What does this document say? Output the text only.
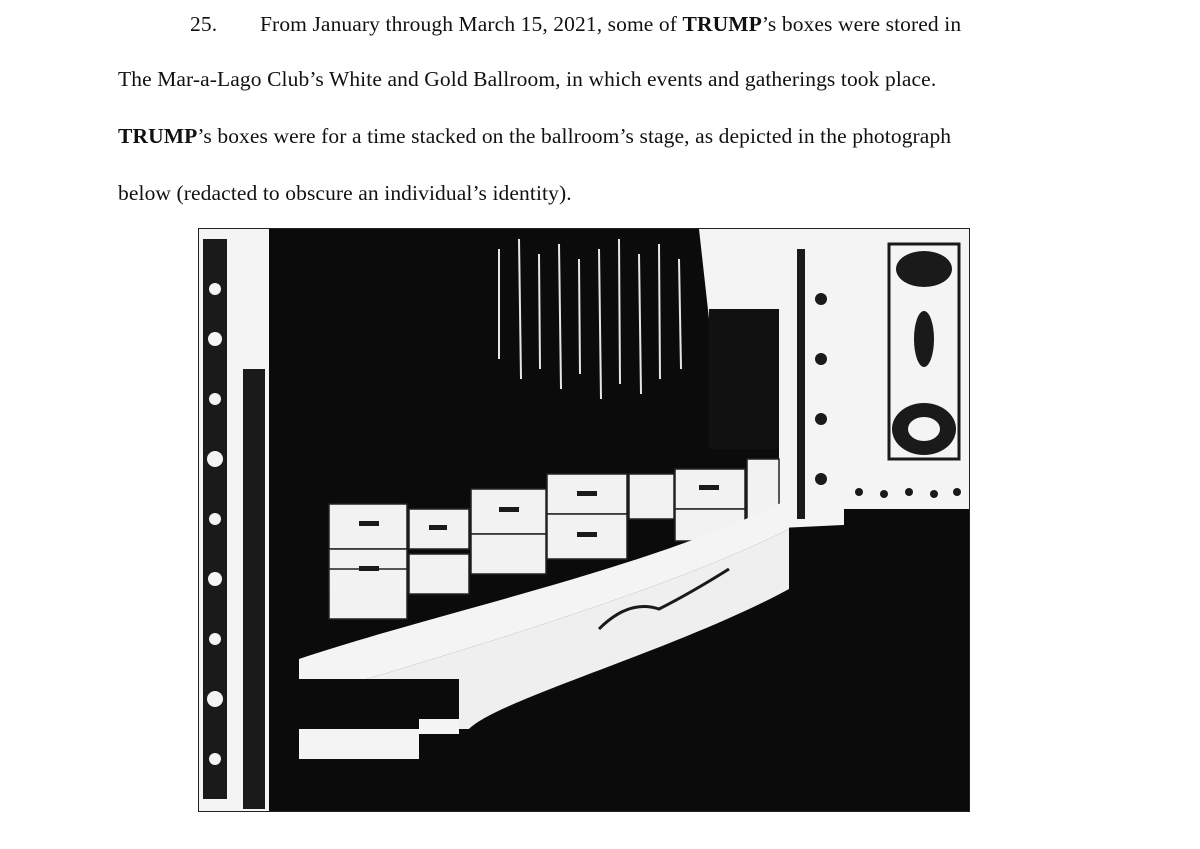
25. From January through March 15, 2021, some of TRUMP’s boxes were stored in
The Mar-a-Lago Club’s White and Gold Ballroom, in which events and gatherings took place.
TRUMP’s boxes were for a time stacked on the ballroom’s stage, as depicted in the photograph
below (redacted to obscure an individual’s identity).
